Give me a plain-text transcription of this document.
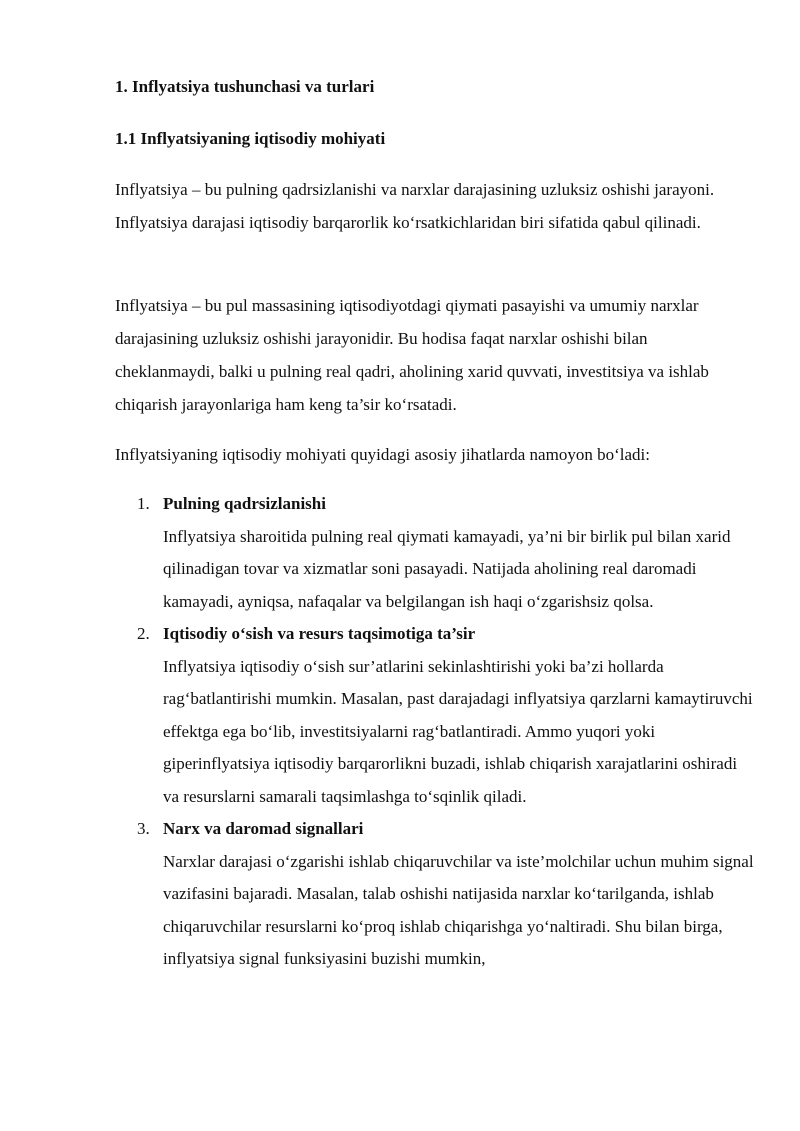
1. Inflyatsiya tushunchasi va turlari
1.1 Inflyatsiyaning iqtisodiy mohiyati

Inflyatsiya – bu pulning qadrsizlanishi va narxlar darajasining uzluksiz oshishi jarayoni. Inflyatsiya darajasi iqtisodiy barqarorlik ko‘rsatkichlaridan biri sifatida qabul qilinadi.

Inflyatsiya – bu pul massasining iqtisodiyotdagi qiymati pasayishi va umumiy narxlar darajasining uzluksiz oshishi jarayonidir. Bu hodisa faqat narxlar oshishi bilan cheklanmaydi, balki u pulning real qadri, aholining xarid quvvati, investitsiya va ishlab chiqarish jarayonlariga ham keng ta’sir ko‘rsatadi.

Inflyatsiyaning iqtisodiy mohiyati quyidagi asosiy jihatlarda namoyon bo‘ladi:

1. Pulning qadrsizlanishi
Inflyatsiya sharoitida pulning real qiymati kamayadi, ya’ni bir birlik pul bilan xarid qilinadigan tovar va xizmatlar soni pasayadi. Natijada aholining real daromadi kamayadi, ayniqsa, nafaqalar va belgilangan ish haqi o‘zgarishsiz qolsa.
2. Iqtisodiy o‘sish va resurs taqsimotiga ta’sir
Inflyatsiya iqtisodiy o‘sish sur’atlarini sekinlashtirishi yoki ba’zi hollarda rag‘batlantirishi mumkin. Masalan, past darajadagi inflyatsiya qarzlarni kamaytiruvchi effektga ega bo‘lib, investitsiyalarni rag‘batlantiradi. Ammo yuqori yoki giperinflyatsiya iqtisodiy barqarorlikni buzadi, ishlab chiqarish xarajatlarini oshiradi va resurslarni samarali taqsimlashga to‘sqinlik qiladi.
3. Narx va daromad signallari
Narxlar darajasi o‘zgarishi ishlab chiqaruvchilar va iste’molchilar uchun muhim signal vazifasini bajaradi. Masalan, talab oshishi natijasida narxlar ko‘tarilganda, ishlab chiqaruvchilar resurslarni ko‘proq ishlab chiqarishga yo‘naltiradi. Shu bilan birga, inflyatsiya signal funksiyasini buzishi mumkin,
